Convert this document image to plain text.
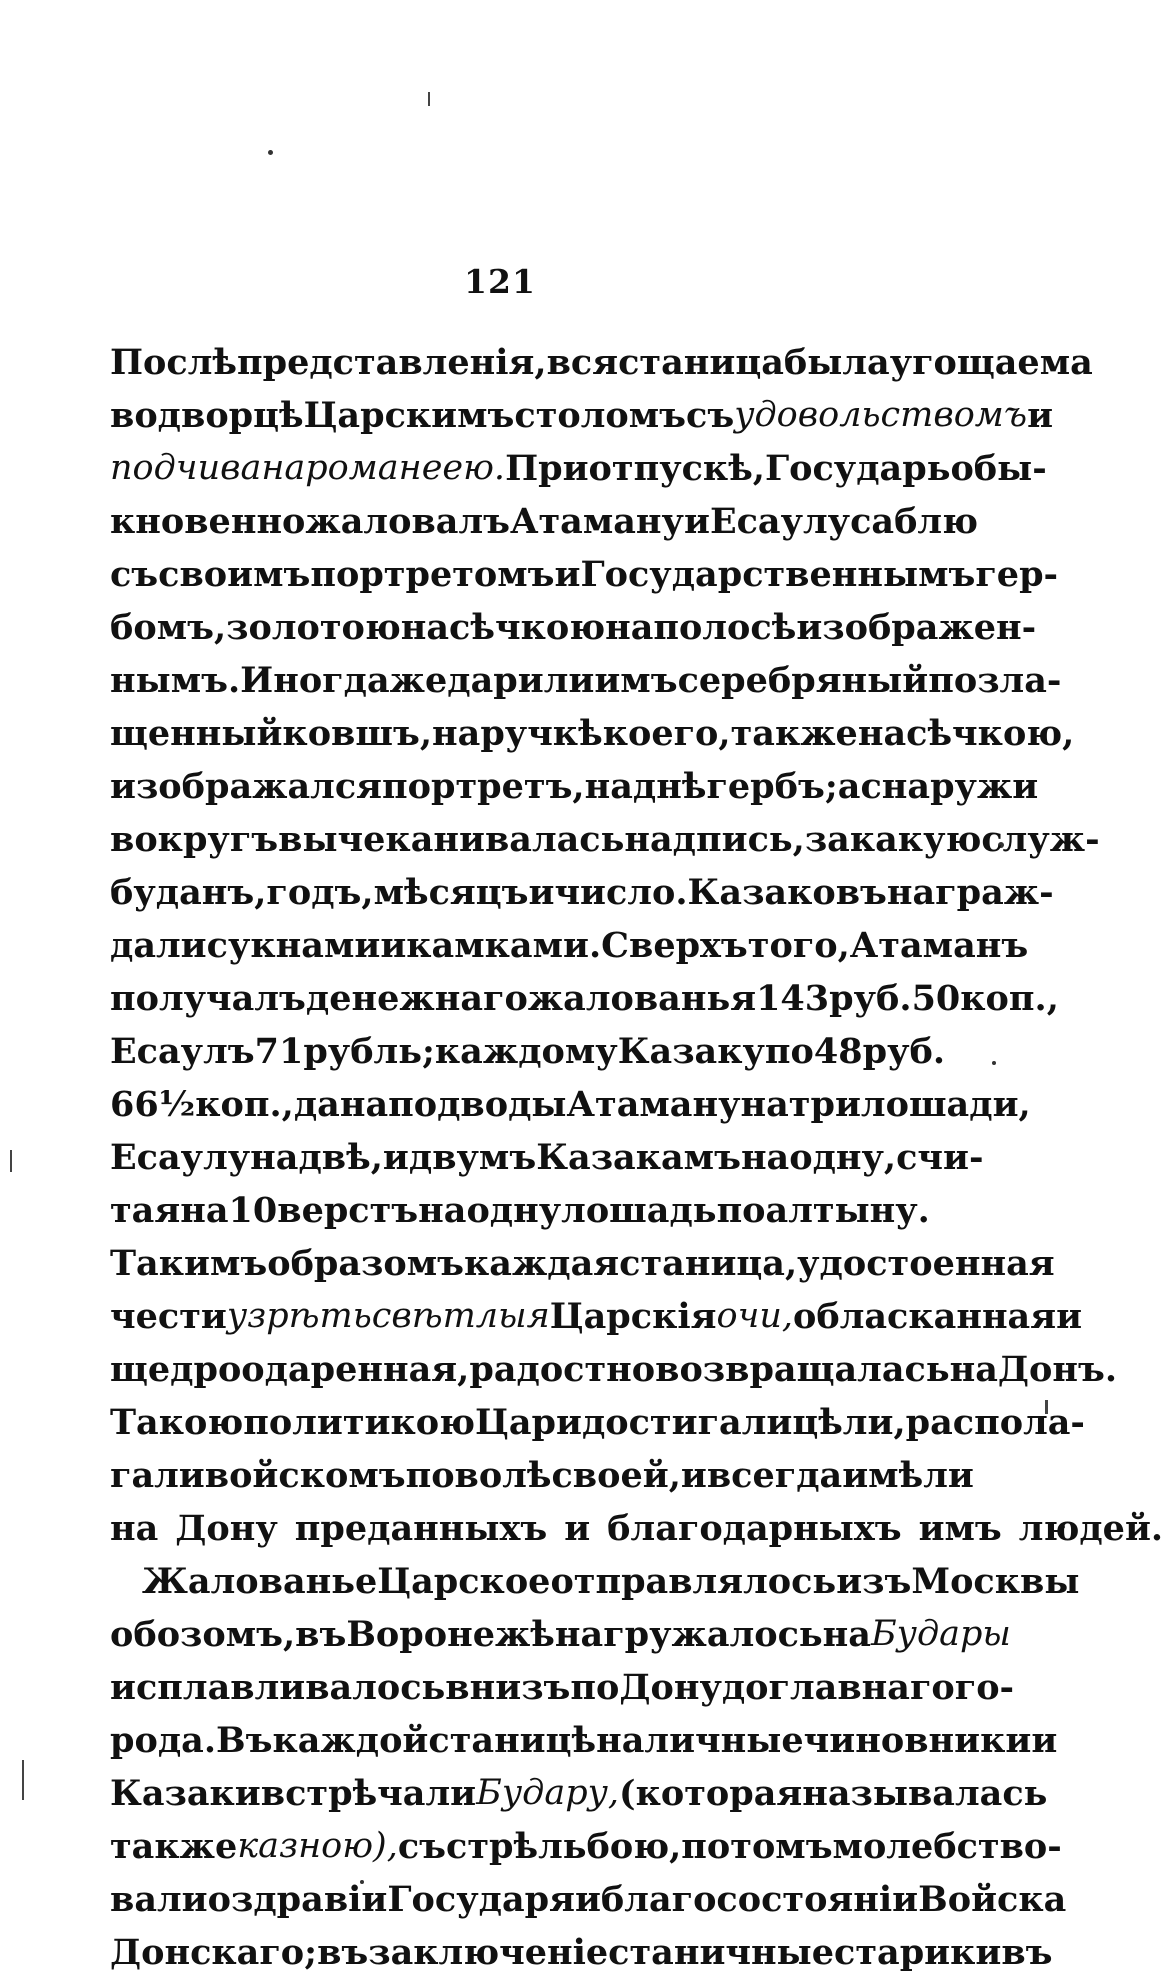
121
Послѣ представленія, вся станица была угощаема
во дворцѣ Царскимъ столомъ съ удовольствомъ и
подчивана романеею. При отпускѣ, Государь обы-
кновенно жаловалъ Атаману и Есаулу саблю
съ своимъ портретомъ и Государственнымъ гер-
бомъ, золотою насѣчкою на полосѣ изображен-
нымъ. Иногда же дарили имъ серебряный позла-
щенный ковшъ, на ручкѣ коего, также насѣчкою,
изображался портретъ, на днѣ гербъ; а снаружи
вокругъ вычеканивалась надпись, за какую служ-
бу данъ, годъ, мѣсяцъ и число. Казаковъ награж-
дали сукнами и камками. Сверхъ того, Атаманъ
получалъ денежнаго жалованья 143 руб. 50 коп.,
Есаулъ 71 рубль; каждому Казаку по 48 руб.
66½ коп., да на подводы Атаману на три лошади,
Есаулу на двѣ, и двумъ Казакамъ на одну, счи-
тая на 10 верстъ на одну лошадь по алтыну.
Такимъ образомъ каждая станица, удостоенная
чести узрѣть свѣтлыя Царскія очи, обласканная и
щедро одаренная, радостно возвращалась на Донъ.
Такою политикою Цари достигали цѣли, распола-
гали войскомъ по волѣ своей, и всегда имѣли
на Дону преданныхъ и благодарныхъ имъ людей.
Жалованье Царское отправлялось изъ Москвы
обозомъ, въ Воронежѣ нагружалось на Будары
и сплавливалось внизъ по Дону до главнаго го-
рода. Въ каждой станицѣ наличные чиновники и
Казаки встрѣчали Будару, (которая называлась
также казною), съ стрѣльбою, потомъ молебство-
вали о здравіи Государя и благосостояніи Войска
Донскаго; въ заключеніе станичные старики въ
